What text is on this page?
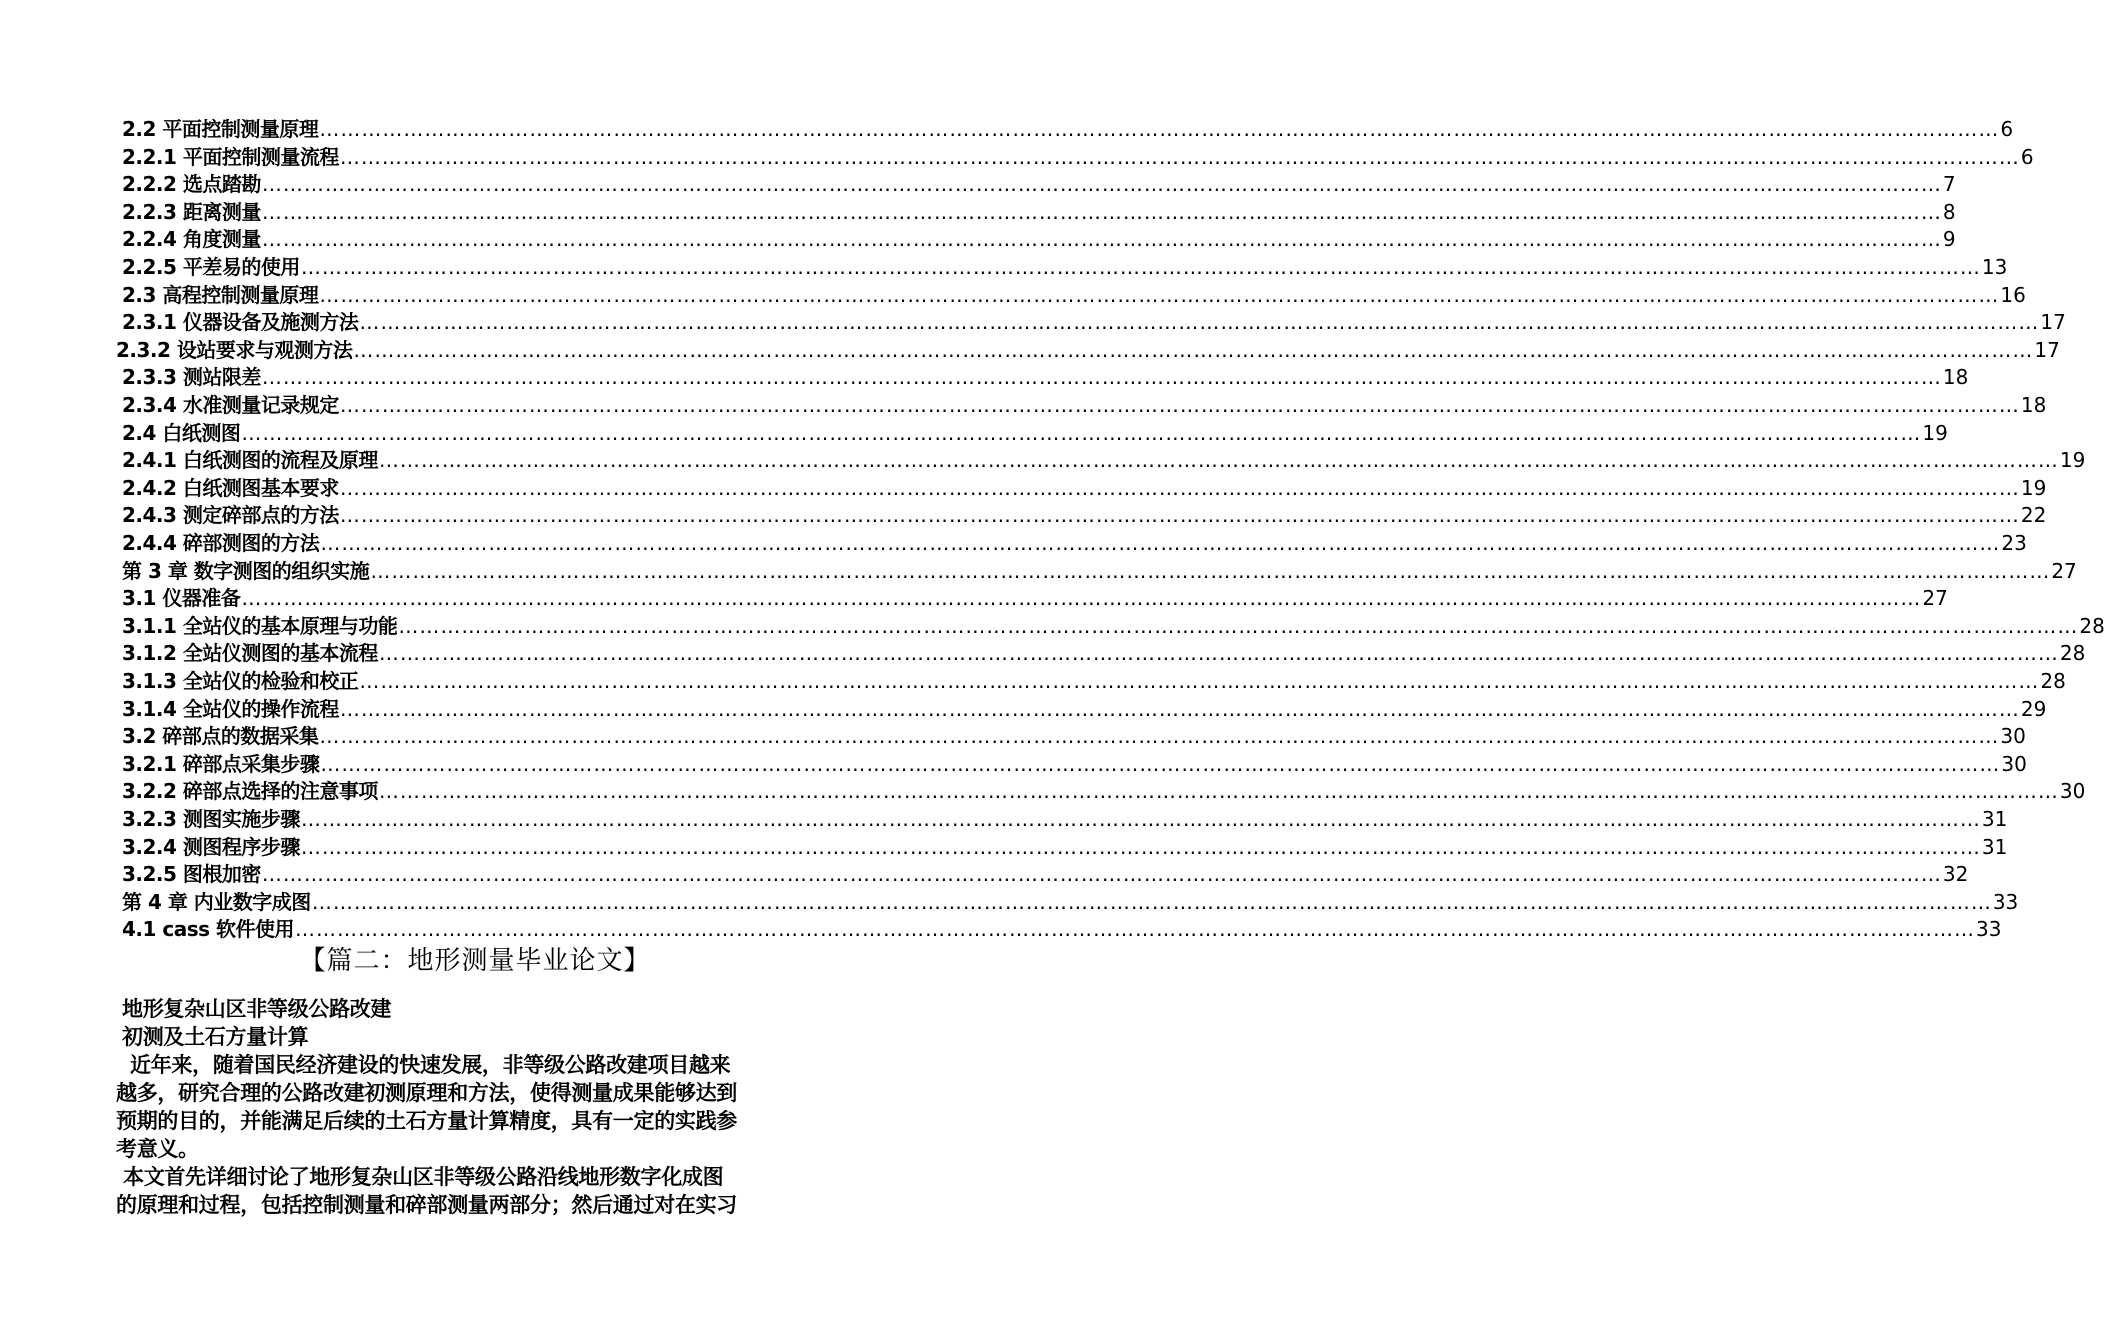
2.2 平面控制测量原理 …………………………………………………………………………………………………………………………………………………………………………………………………………………… 6
2.2.1 平面控制测量流程 …………………………………………………………………………………………………………………………………………………………………………………………………………………… 6
2.2.2 选点踏勘 …………………………………………………………………………………………………………………………………………………………………………………………………………………… 7
2.2.3 距离测量 …………………………………………………………………………………………………………………………………………………………………………………………………………………… 8
2.2.4 角度测量 …………………………………………………………………………………………………………………………………………………………………………………………………………………… 9
2.2.5 平差易的使用 …………………………………………………………………………………………………………………………………………………………………………………………………………………… 13
2.3 高程控制测量原理 …………………………………………………………………………………………………………………………………………………………………………………………………………………… 16
2.3.1 仪器设备及施测方法 …………………………………………………………………………………………………………………………………………………………………………………………………………………… 17
2.3.2 设站要求与观测方法 …………………………………………………………………………………………………………………………………………………………………………………………………………………… 17
2.3.3 测站限差 …………………………………………………………………………………………………………………………………………………………………………………………………………………… 18
2.3.4 水准测量记录规定 …………………………………………………………………………………………………………………………………………………………………………………………………………………… 18
2.4 白纸测图 …………………………………………………………………………………………………………………………………………………………………………………………………………………… 19
2.4.1 白纸测图的流程及原理 …………………………………………………………………………………………………………………………………………………………………………………………………………………… 19
2.4.2 白纸测图基本要求 …………………………………………………………………………………………………………………………………………………………………………………………………………………… 19
2.4.3 测定碎部点的方法 …………………………………………………………………………………………………………………………………………………………………………………………………………………… 22
2.4.4 碎部测图的方法 …………………………………………………………………………………………………………………………………………………………………………………………………………………… 23
第 3 章 数字测图的组织实施 …………………………………………………………………………………………………………………………………………………………………………………………………………………… 27
3.1 仪器准备 …………………………………………………………………………………………………………………………………………………………………………………………………………………… 27
3.1.1 全站仪的基本原理与功能 …………………………………………………………………………………………………………………………………………………………………………………………………………………… 28
3.1.2 全站仪测图的基本流程 …………………………………………………………………………………………………………………………………………………………………………………………………………………… 28
3.1.3 全站仪的检验和校正 …………………………………………………………………………………………………………………………………………………………………………………………………………………… 28
3.1.4 全站仪的操作流程 …………………………………………………………………………………………………………………………………………………………………………………………………………………… 29
3.2 碎部点的数据采集 …………………………………………………………………………………………………………………………………………………………………………………………………………………… 30
3.2.1 碎部点采集步骤 …………………………………………………………………………………………………………………………………………………………………………………………………………………… 30
3.2.2 碎部点选择的注意事项 …………………………………………………………………………………………………………………………………………………………………………………………………………………… 30
3.2.3 测图实施步骤 …………………………………………………………………………………………………………………………………………………………………………………………………………………… 31
3.2.4 测图程序步骤 …………………………………………………………………………………………………………………………………………………………………………………………………………………… 31
3.2.5 图根加密 …………………………………………………………………………………………………………………………………………………………………………………………………………………… 32
第 4 章 内业数字成图 …………………………………………………………………………………………………………………………………………………………………………………………………………………… 33
4.1 cass 软件使用 …………………………………………………………………………………………………………………………………………………………………………………………………………………… 33
【篇二：地形测量毕业论文】
地形复杂山区非等级公路改建
初测及土石方量计算
近年来，随着国民经济建设的快速发展，非等级公路改建项目越来
越多，研究合理的公路改建初测原理和方法，使得测量成果能够达到
预期的目的，并能满足后续的土石方量计算精度，具有一定的实践参
考意义。
本文首先详细讨论了地形复杂山区非等级公路沿线地形数字化成图
的原理和过程，包括控制测量和碎部测量两部分；然后通过对在实习
